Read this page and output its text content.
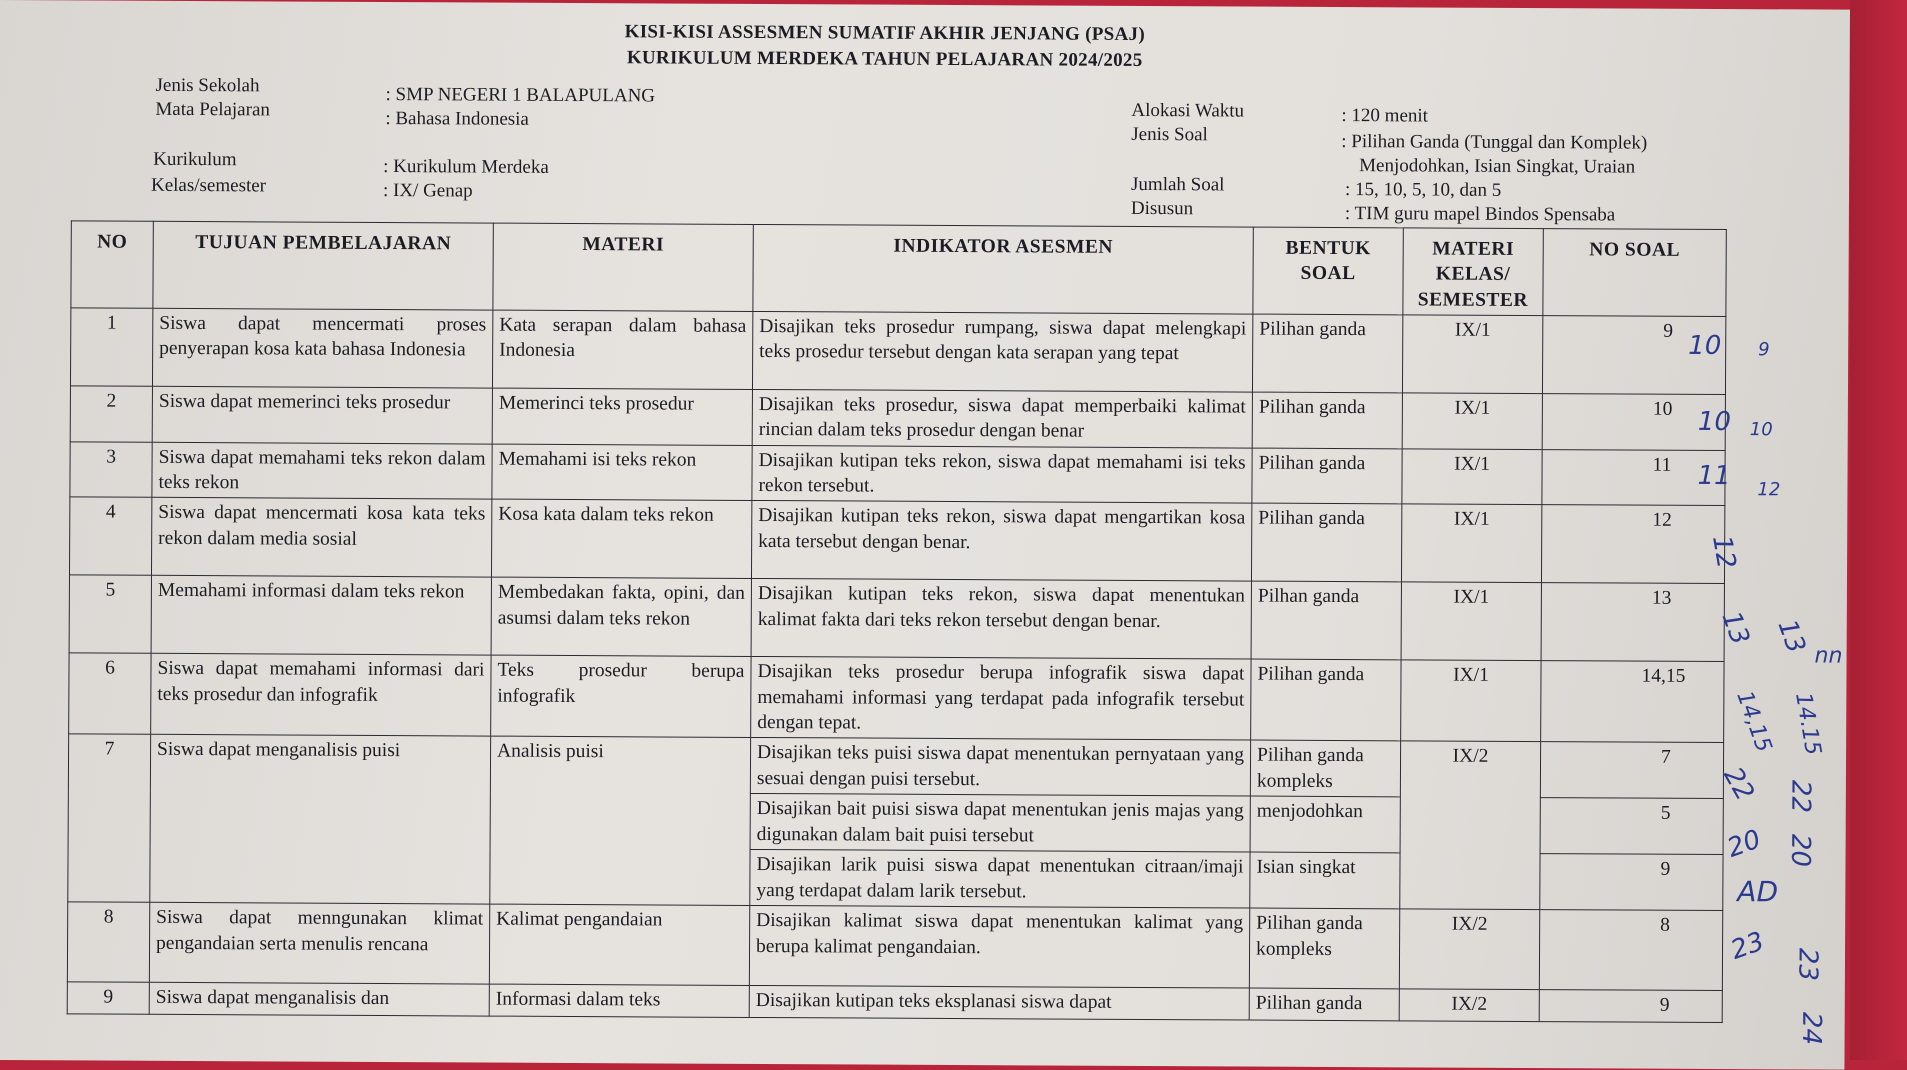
KISI-KISI ASSESMEN SUMATIF AKHIR JENJANG (PSAJ)
KURIKULUM MERDEKA TAHUN PELAJARAN 2024/2025
Jenis Sekolah	: SMP NEGERI 1 BALAPULANG
Mata Pelajaran	: Bahasa Indonesia
Kurikulum	: Kurikulum Merdeka
Kelas/semester	: IX/ Genap
Alokasi Waktu	: 120 menit
Jenis Soal	: Pilihan Ganda (Tunggal dan Komplek)
Menjodohkan, Isian Singkat, Uraian
Jumlah Soal	: 15, 10, 5, 10, dan 5
Disusun	: TIM guru mapel Bindos Spensaba
NO	TUJUAN PEMBELAJARAN	MATERI	INDIKATOR ASESMEN	BENTUK SOAL	MATERI KELAS/ SEMESTER	NO SOAL
1	Siswa dapat mencermati proses penyerapan kosa kata bahasa Indonesia	Kata serapan dalam bahasa Indonesia	Disajikan teks prosedur rumpang, siswa dapat melengkapi teks prosedur tersebut dengan kata serapan yang tepat	Pilihan ganda	IX/1	9
2	Siswa dapat memerinci teks prosedur	Memerinci teks prosedur	Disajikan teks prosedur, siswa dapat memperbaiki kalimat rincian dalam teks prosedur dengan benar	Pilihan ganda	IX/1	10
3	Siswa dapat memahami teks rekon dalam teks rekon	Memahami isi teks rekon	Disajikan kutipan teks rekon, siswa dapat memahami isi teks rekon tersebut.	Pilihan ganda	IX/1	11
4	Siswa dapat mencermati kosa kata teks rekon dalam media sosial	Kosa kata dalam teks rekon	Disajikan kutipan teks rekon, siswa dapat mengartikan kosa kata tersebut dengan benar.	Pilihan ganda	IX/1	12
5	Memahami informasi dalam teks rekon	Membedakan fakta, opini, dan asumsi dalam teks rekon	Disajikan kutipan teks rekon, siswa dapat menentukan kalimat fakta dari teks rekon tersebut dengan benar.	Pilhan ganda	IX/1	13
6	Siswa dapat memahami informasi dari teks prosedur dan infografik	Teks prosedur berupa infografik	Disajikan teks prosedur berupa infografik siswa dapat memahami informasi yang terdapat pada infografik tersebut dengan tepat.	Pilihan ganda	IX/1	14,15
7	Siswa dapat menganalisis puisi	Analisis puisi	Disajikan teks puisi siswa dapat menentukan pernyataan yang sesuai dengan puisi tersebut.	Pilihan ganda kompleks	IX/2	7
			Disajikan bait puisi siswa dapat menentukan jenis majas yang digunakan dalam bait puisi tersebut	menjodohkan		5
			Disajikan larik puisi siswa dapat menentukan citraan/imaji yang terdapat dalam larik tersebut.	Isian singkat		9
8	Siswa dapat menngunakan klimat pengandaian serta menulis rencana	Kalimat pengandaian	Disajikan kalimat siswa dapat menentukan kalimat yang berupa kalimat pengandaian.	Pilihan ganda kompleks	IX/2	8
9	Siswa dapat menganalisis dan	Informasi dalam teks	Disajikan kutipan teks eksplanasi siswa dapat	Pilihan ganda	IX/2	9
10 9
10 10
11 12
12
13 13 nn
14,15 14.15
22 22
20 20
AD
23 23
24
